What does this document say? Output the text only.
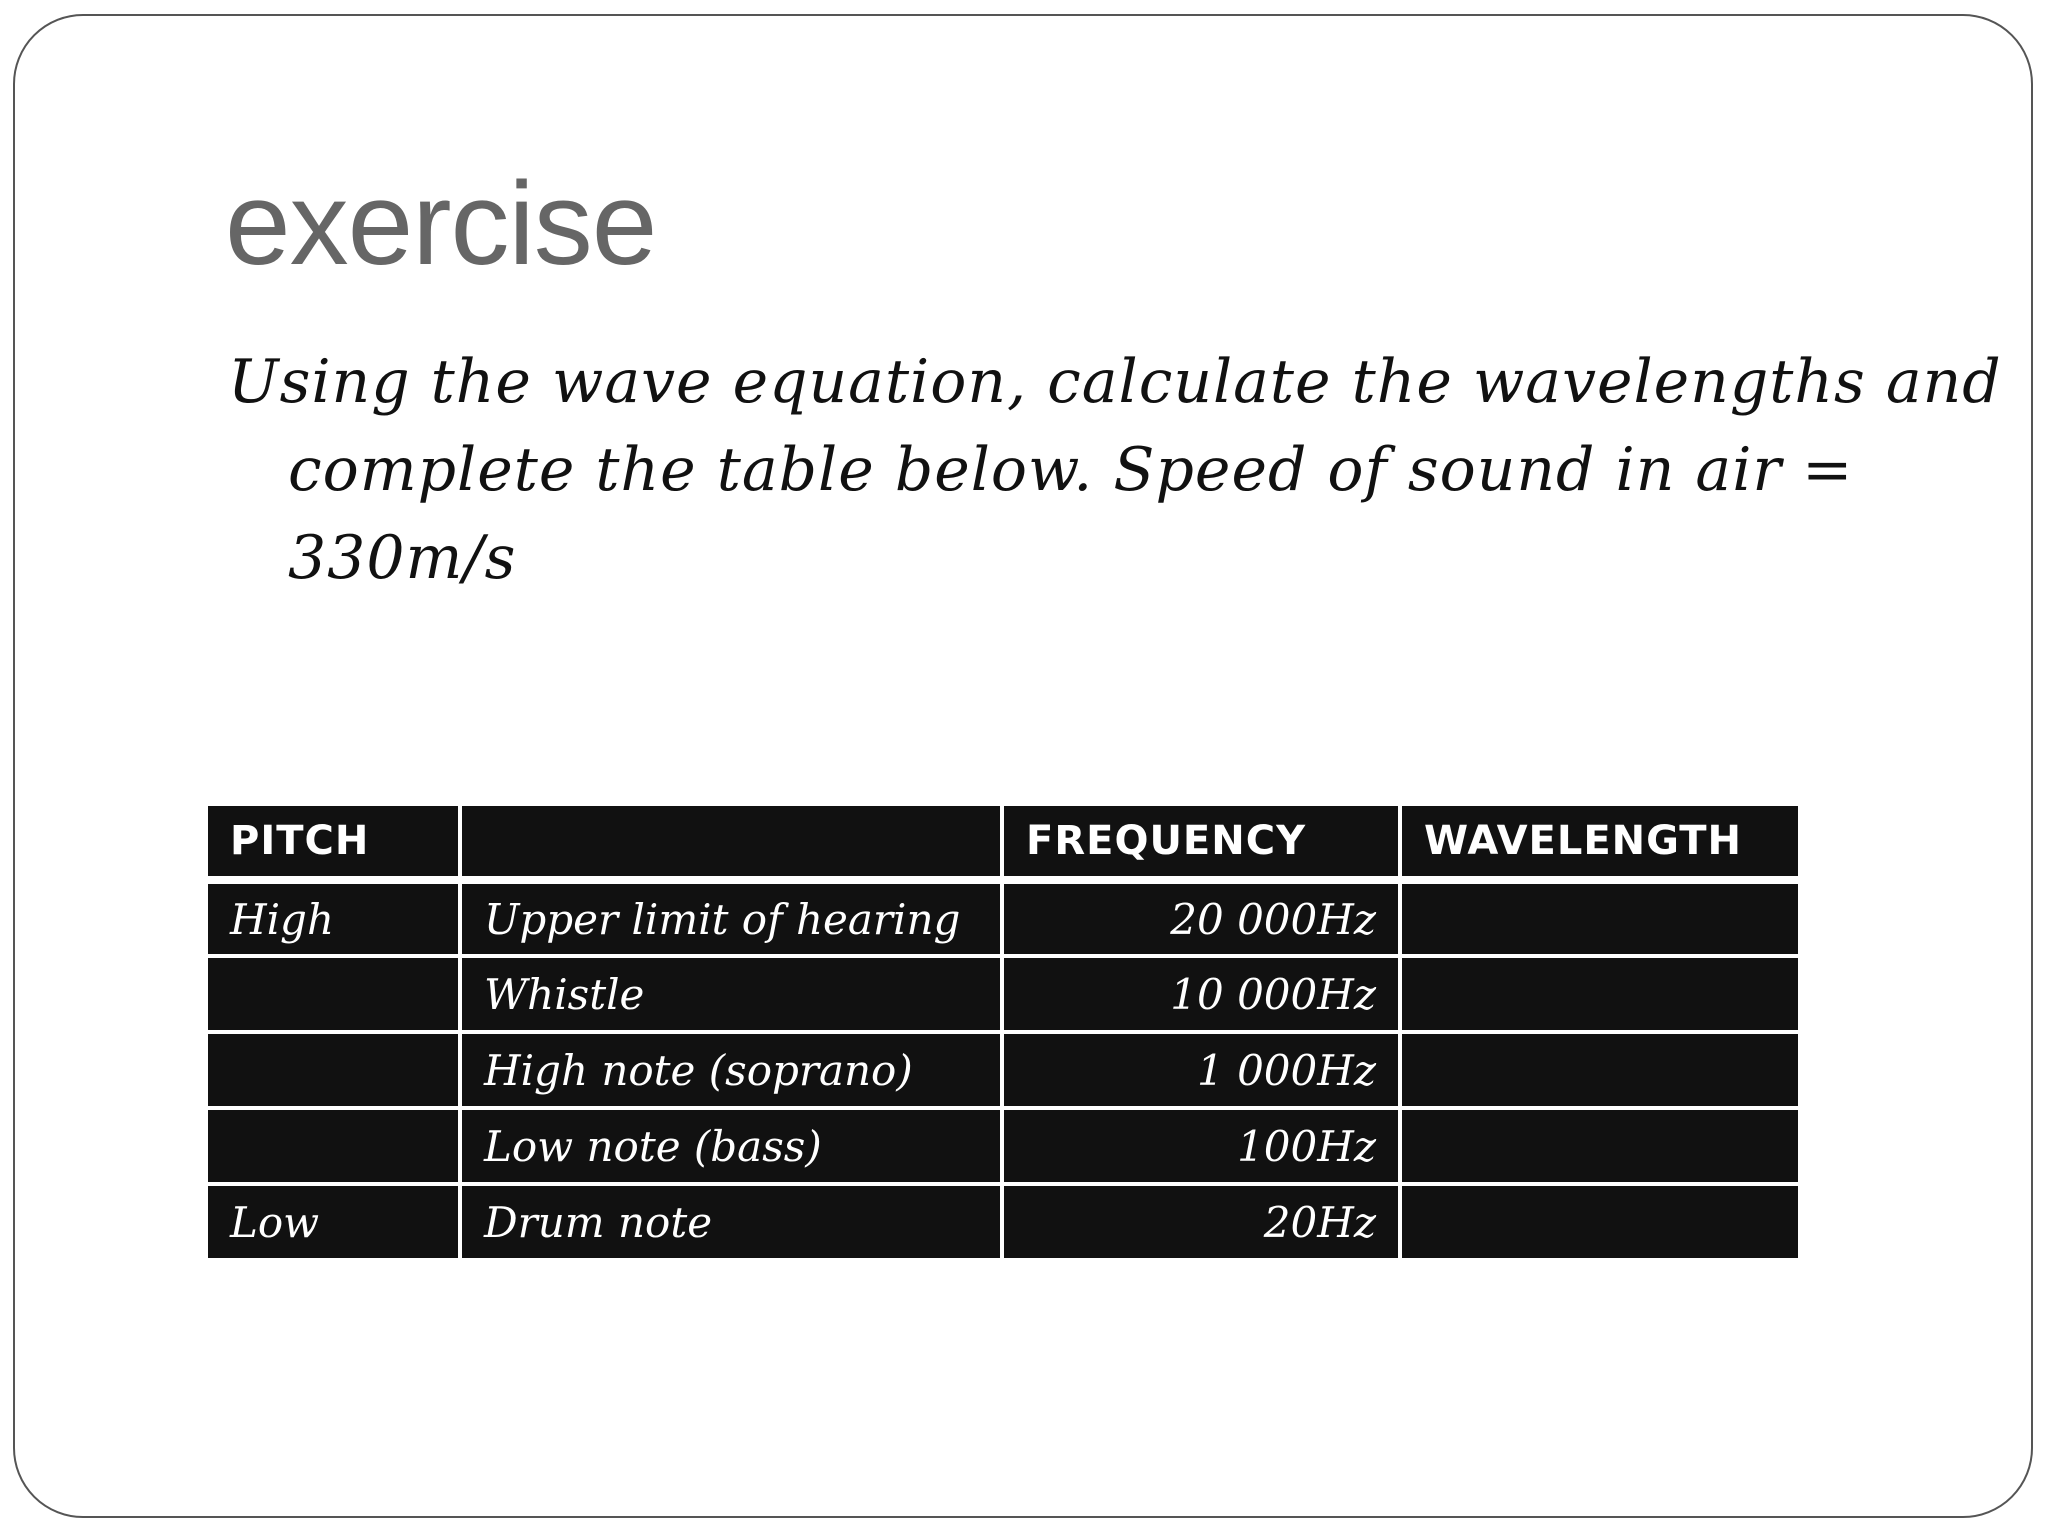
exercise
Using the wave equation, calculate the wavelengths and complete the table below. Speed of sound in air = 330m/s
PITCH		FREQUENCY	WAVELENGTH
High	Upper limit of hearing	20 000Hz	
	Whistle	10 000Hz	
	High note (soprano)	1 000Hz	
	Low note (bass)	100Hz	
Low	Drum note	20Hz	
